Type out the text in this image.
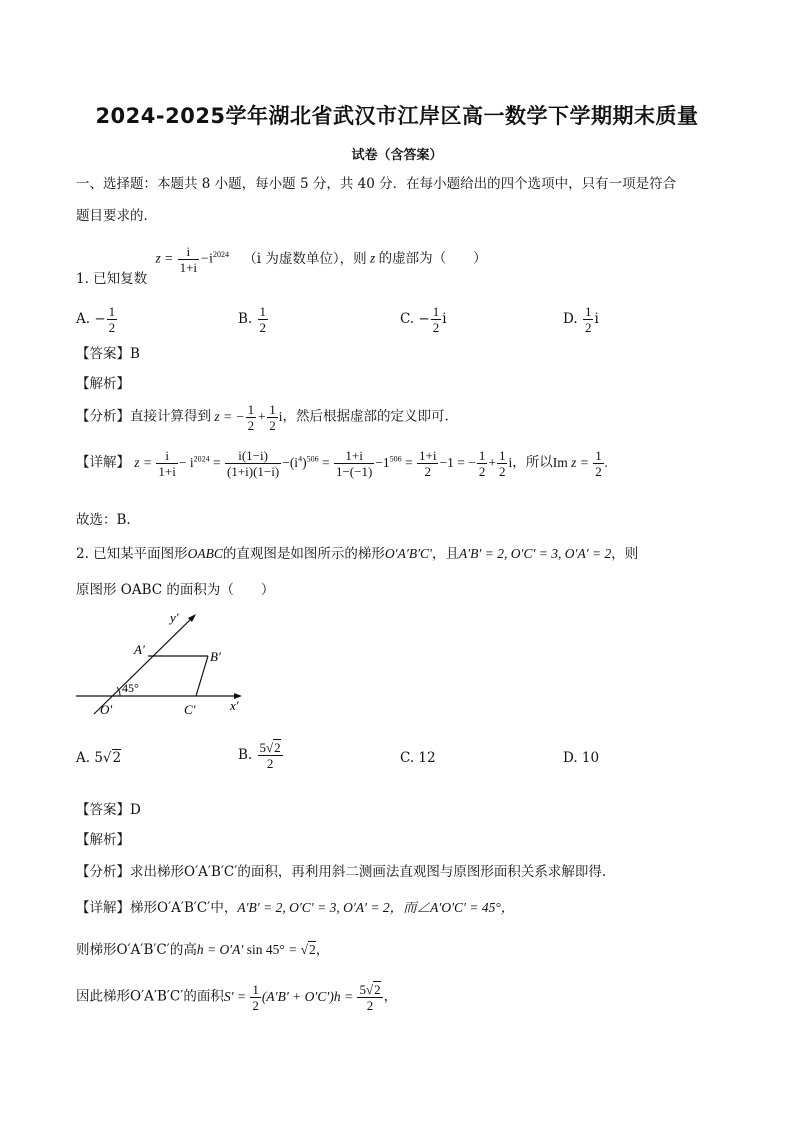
2024-2025学年湖北省武汉市江岸区高一数学下学期期末质量
试卷（含答案）
一、选择题：本题共 8 小题，每小题 5 分，共 40 分．在每小题给出的四个选项中，只有一项是符合
题目要求的．
1. 已知复数 $z = \frac{i}{1+i} -i^{2024}$ （i 为虚数单位），则 z 的虚部为（　　）
A. − $\frac{1}{2}$	B. $\frac{1}{2}$	C. − $\frac{1}{2}$ i	D. $\frac{1}{2}$ i
【答案】B
【解析】
【分析】直接计算得到 z = − $\frac{1}{2} + \frac{1}{2}$ i，然后根据虚部的定义即可.
【详解】 $z = \frac{i}{1+i} - i^{2024} = \frac{i(1-i)}{(1+i)(1-i)} -(i^4)^{506} = \frac{1+i}{1-(-1)} -1^{506} = \frac{1+i}{2} -1$ = − $\frac{1}{2} + \frac{1}{2}$ i，所以Im $z = \frac{1}{2}$ .
故选：B.
2. 已知某平面图形OABC的直观图是如图所示的梯形O′A′B′C′，且A′B′ = 2, O′C′ = 3, O′A′ = 2，则
原图形 OABC 的面积为（　　）
y′
x′
O′
A′	B′
C′
45°
A. 5√2	B. $\frac{5√2}{2}$	C. 12	D. 10
【答案】D
【解析】
【分析】求出梯形O′A′B′C′的面积，再利用斜二测画法直观图与原图形面积关系求解即得.
【详解】梯形O′A′B′C′中，A′B′ = 2, O′C′ = 3, O′A′ = 2，而∠A′O′C′ = 45°，
则梯形O′A′B′C′的高h = O′A′ sin 45° = √2，
因此梯形O′A′B′C′的面积$S' = \frac{1}{2} (A'B' + O'C')h = \frac{5√2}{2}$ ，
